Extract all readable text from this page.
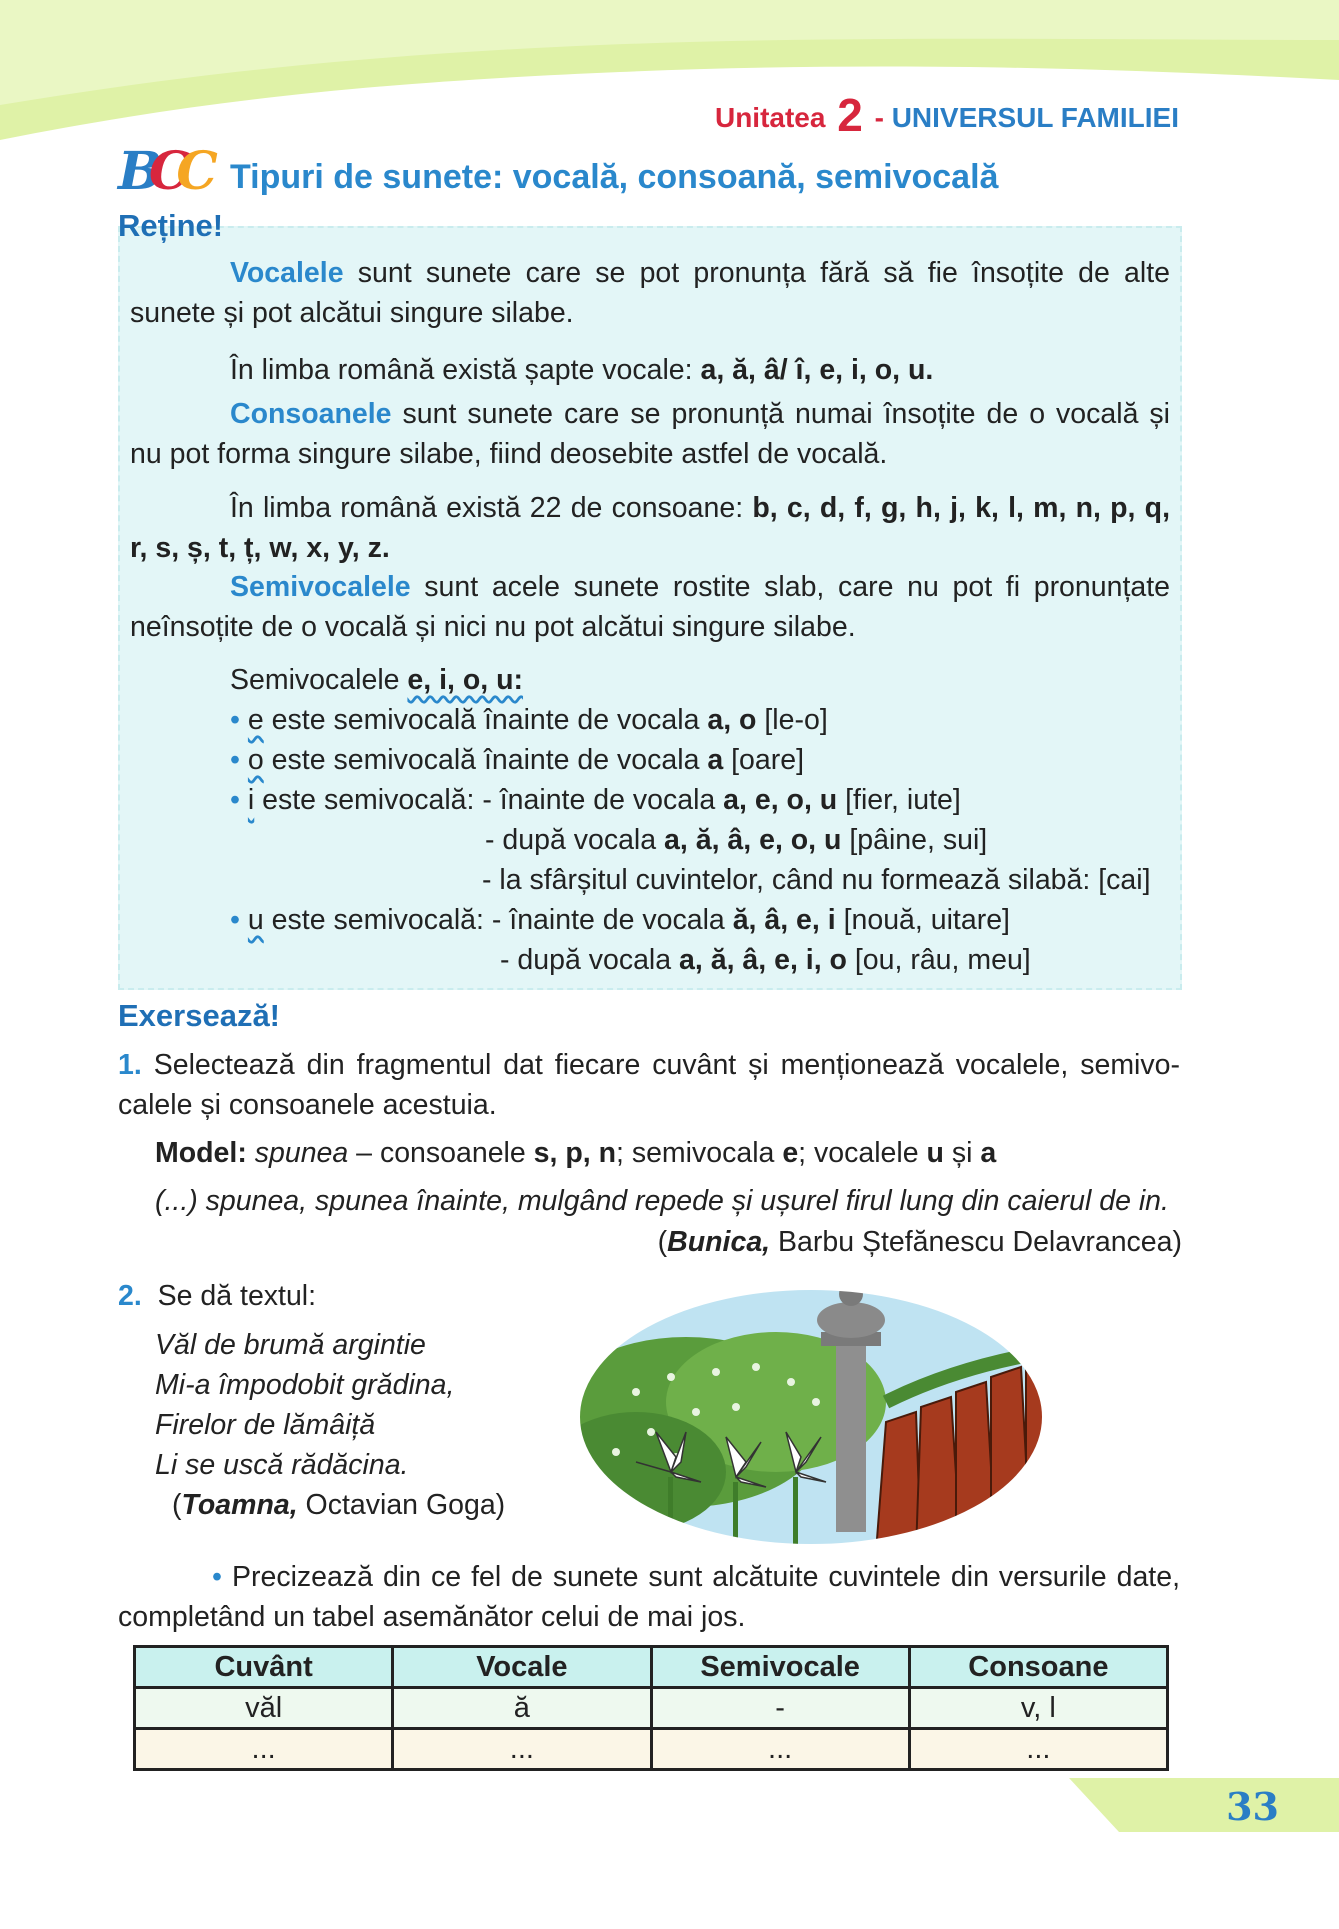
Unitatea 2 - UNIVERSUL FAMILIEI
BCC Tipuri de sunete: vocală, consoană, semivocală
Reține!
Vocalele sunt sunete care se pot pronunța fără să fie însoțite de alte sunete și pot alcătui singure silabe.
În limba română există șapte vocale: a, ă, â/ î, e, i, o, u.
Consoanele sunt sunete care se pronunță numai însoțite de o vocală și nu pot forma singure silabe, fiind deosebite astfel de vocală.
În limba română există 22 de consoane: b, c, d, f, g, h, j, k, l, m, n, p, q, r, s, ș, t, ț, w, x, y, z.
Semivocalele sunt acele sunete rostite slab, care nu pot fi pronunțate neînsoțite de o vocală și nici nu pot alcătui singure silabe.
Semivocalele e, i, o, u:
• e este semivocală înainte de vocala a, o [le-o]
• o este semivocală înainte de vocala a [oare]
• i este semivocală: - înainte de vocala a, e, o, u [fier, iute]
- după vocala a, ă, â, e, o, u [pâine, sui]
- la sfârșitul cuvintelor, când nu formează silabă: [cai]
• u este semivocală: - înainte de vocala ă, â, e, i [nouă, uitare]
- după vocala a, ă, â, e, i, o [ou, râu, meu]
Exersează!
1. Selectează din fragmentul dat fiecare cuvânt și menționează vocalele, semivo-calele și consoanele acestuia.
Model: spunea – consoanele s, p, n; semivocala e; vocalele u și a
(...) spunea, spunea înainte, mulgând repede și ușurel firul lung din caierul de in.
(Bunica, Barbu Ștefănescu Delavrancea)
2. Se dă textul:
Văl de brumă argintie
Mi-a împodobit grădina,
Firelor de lămâiță
Li se uscă rădăcina.
(Toamna, Octavian Goga)
• Precizează din ce fel de sunete sunt alcătuite cuvintele din versurile date, completând un tabel asemănător celui de mai jos.
Cuvânt	Vocale	Semivocale	Consoane
văl	ă	-	v, l
...	...	...	...
33
